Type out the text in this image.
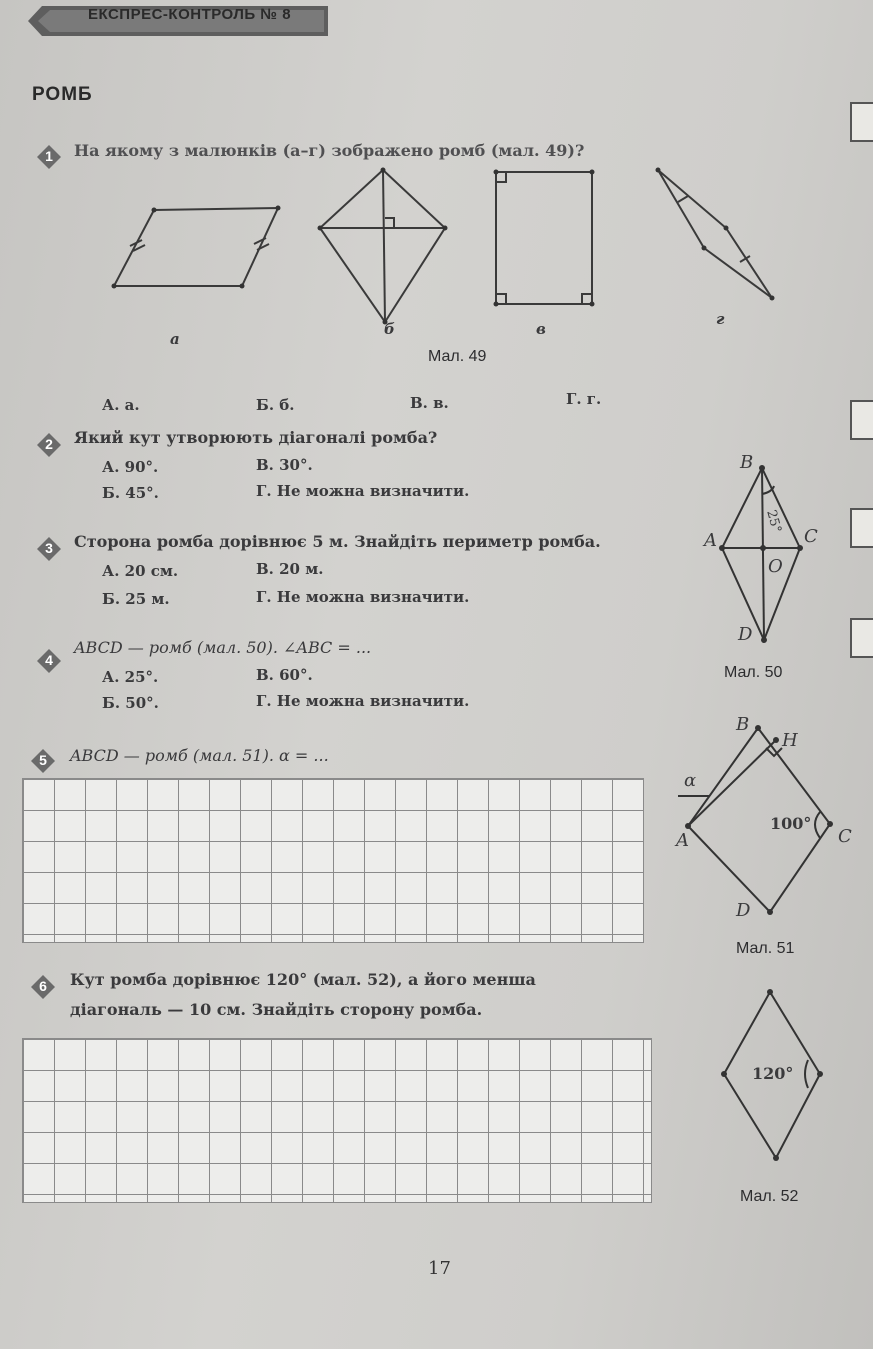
ЕКСПРЕС-КОНТРОЛЬ № 8
РОМБ
1	На якому з малюнків (а–г) зображено ромб (мал. 49)?
а
б	в
г
Мал. 49
А. а.	Б. б.	В. в.	Г. г.
2	Який кут утворюють діагоналі ромба?
А. 90°.	В. 30°.
Б. 45°.	Г. Не можна визначити.
3	Сторона ромба дорівнює 5 м. Знайдіть периметр ромба.
А. 20 см.	В. 20 м.
Б. 25 м.	Г. Не можна визначити.
4
ABCD — ромб (мал. 50). ∠ABC = ...
А. 25°.	В. 60°.
Б. 50°.	Г. Не можна визначити.
B
A	C
D
O
25°
Мал. 50
5	ABCD — ромб (мал. 51). α = ...
B
H
α
A	C
D
100°
Мал. 51
6	Кут ромба дорівнює 120° (мал. 52), а його менша
діагональ — 10 см. Знайдіть сторону ромба.
120°
Мал. 52
17
